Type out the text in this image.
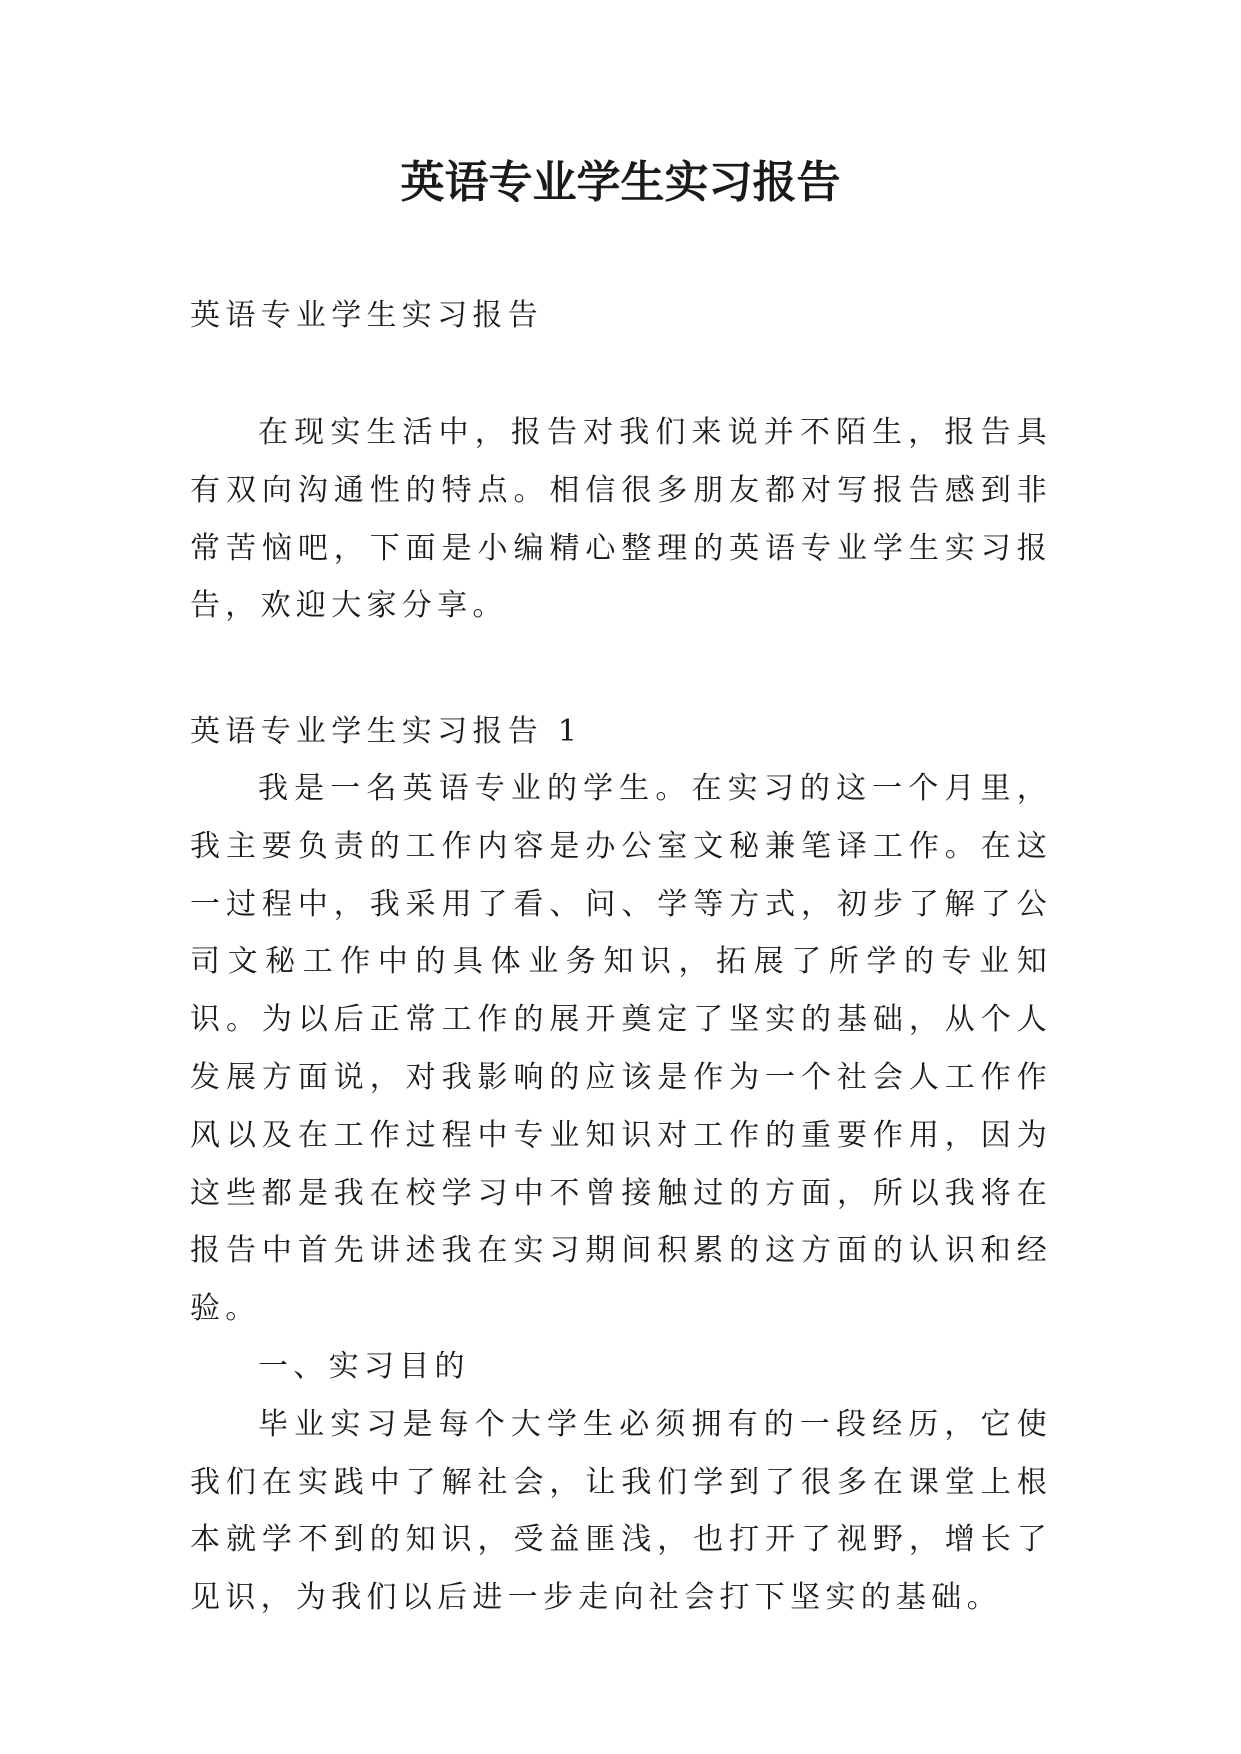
英语专业学生实习报告

英语专业学生实习报告

在现实生活中，报告对我们来说并不陌生，报告具有双向沟通性的特点。相信很多朋友都对写报告感到非常苦恼吧，下面是小编精心整理的英语专业学生实习报告，欢迎大家分享。

英语专业学生实习报告 1

我是一名英语专业的学生。在实习的这一个月里，我主要负责的工作内容是办公室文秘兼笔译工作。在这一过程中，我采用了看、问、学等方式，初步了解了公司文秘工作中的具体业务知识，拓展了所学的专业知识。为以后正常工作的展开奠定了坚实的基础，从个人发展方面说，对我影响的应该是作为一个社会人工作作风以及在工作过程中专业知识对工作的重要作用，因为这些都是我在校学习中不曾接触过的方面，所以我将在报告中首先讲述我在实习期间积累的这方面的认识和经验。

一、实习目的

毕业实习是每个大学生必须拥有的一段经历，它使我们在实践中了解社会，让我们学到了很多在课堂上根本就学不到的知识，受益匪浅，也打开了视野，增长了见识，为我们以后进一步走向社会打下坚实的基础。
